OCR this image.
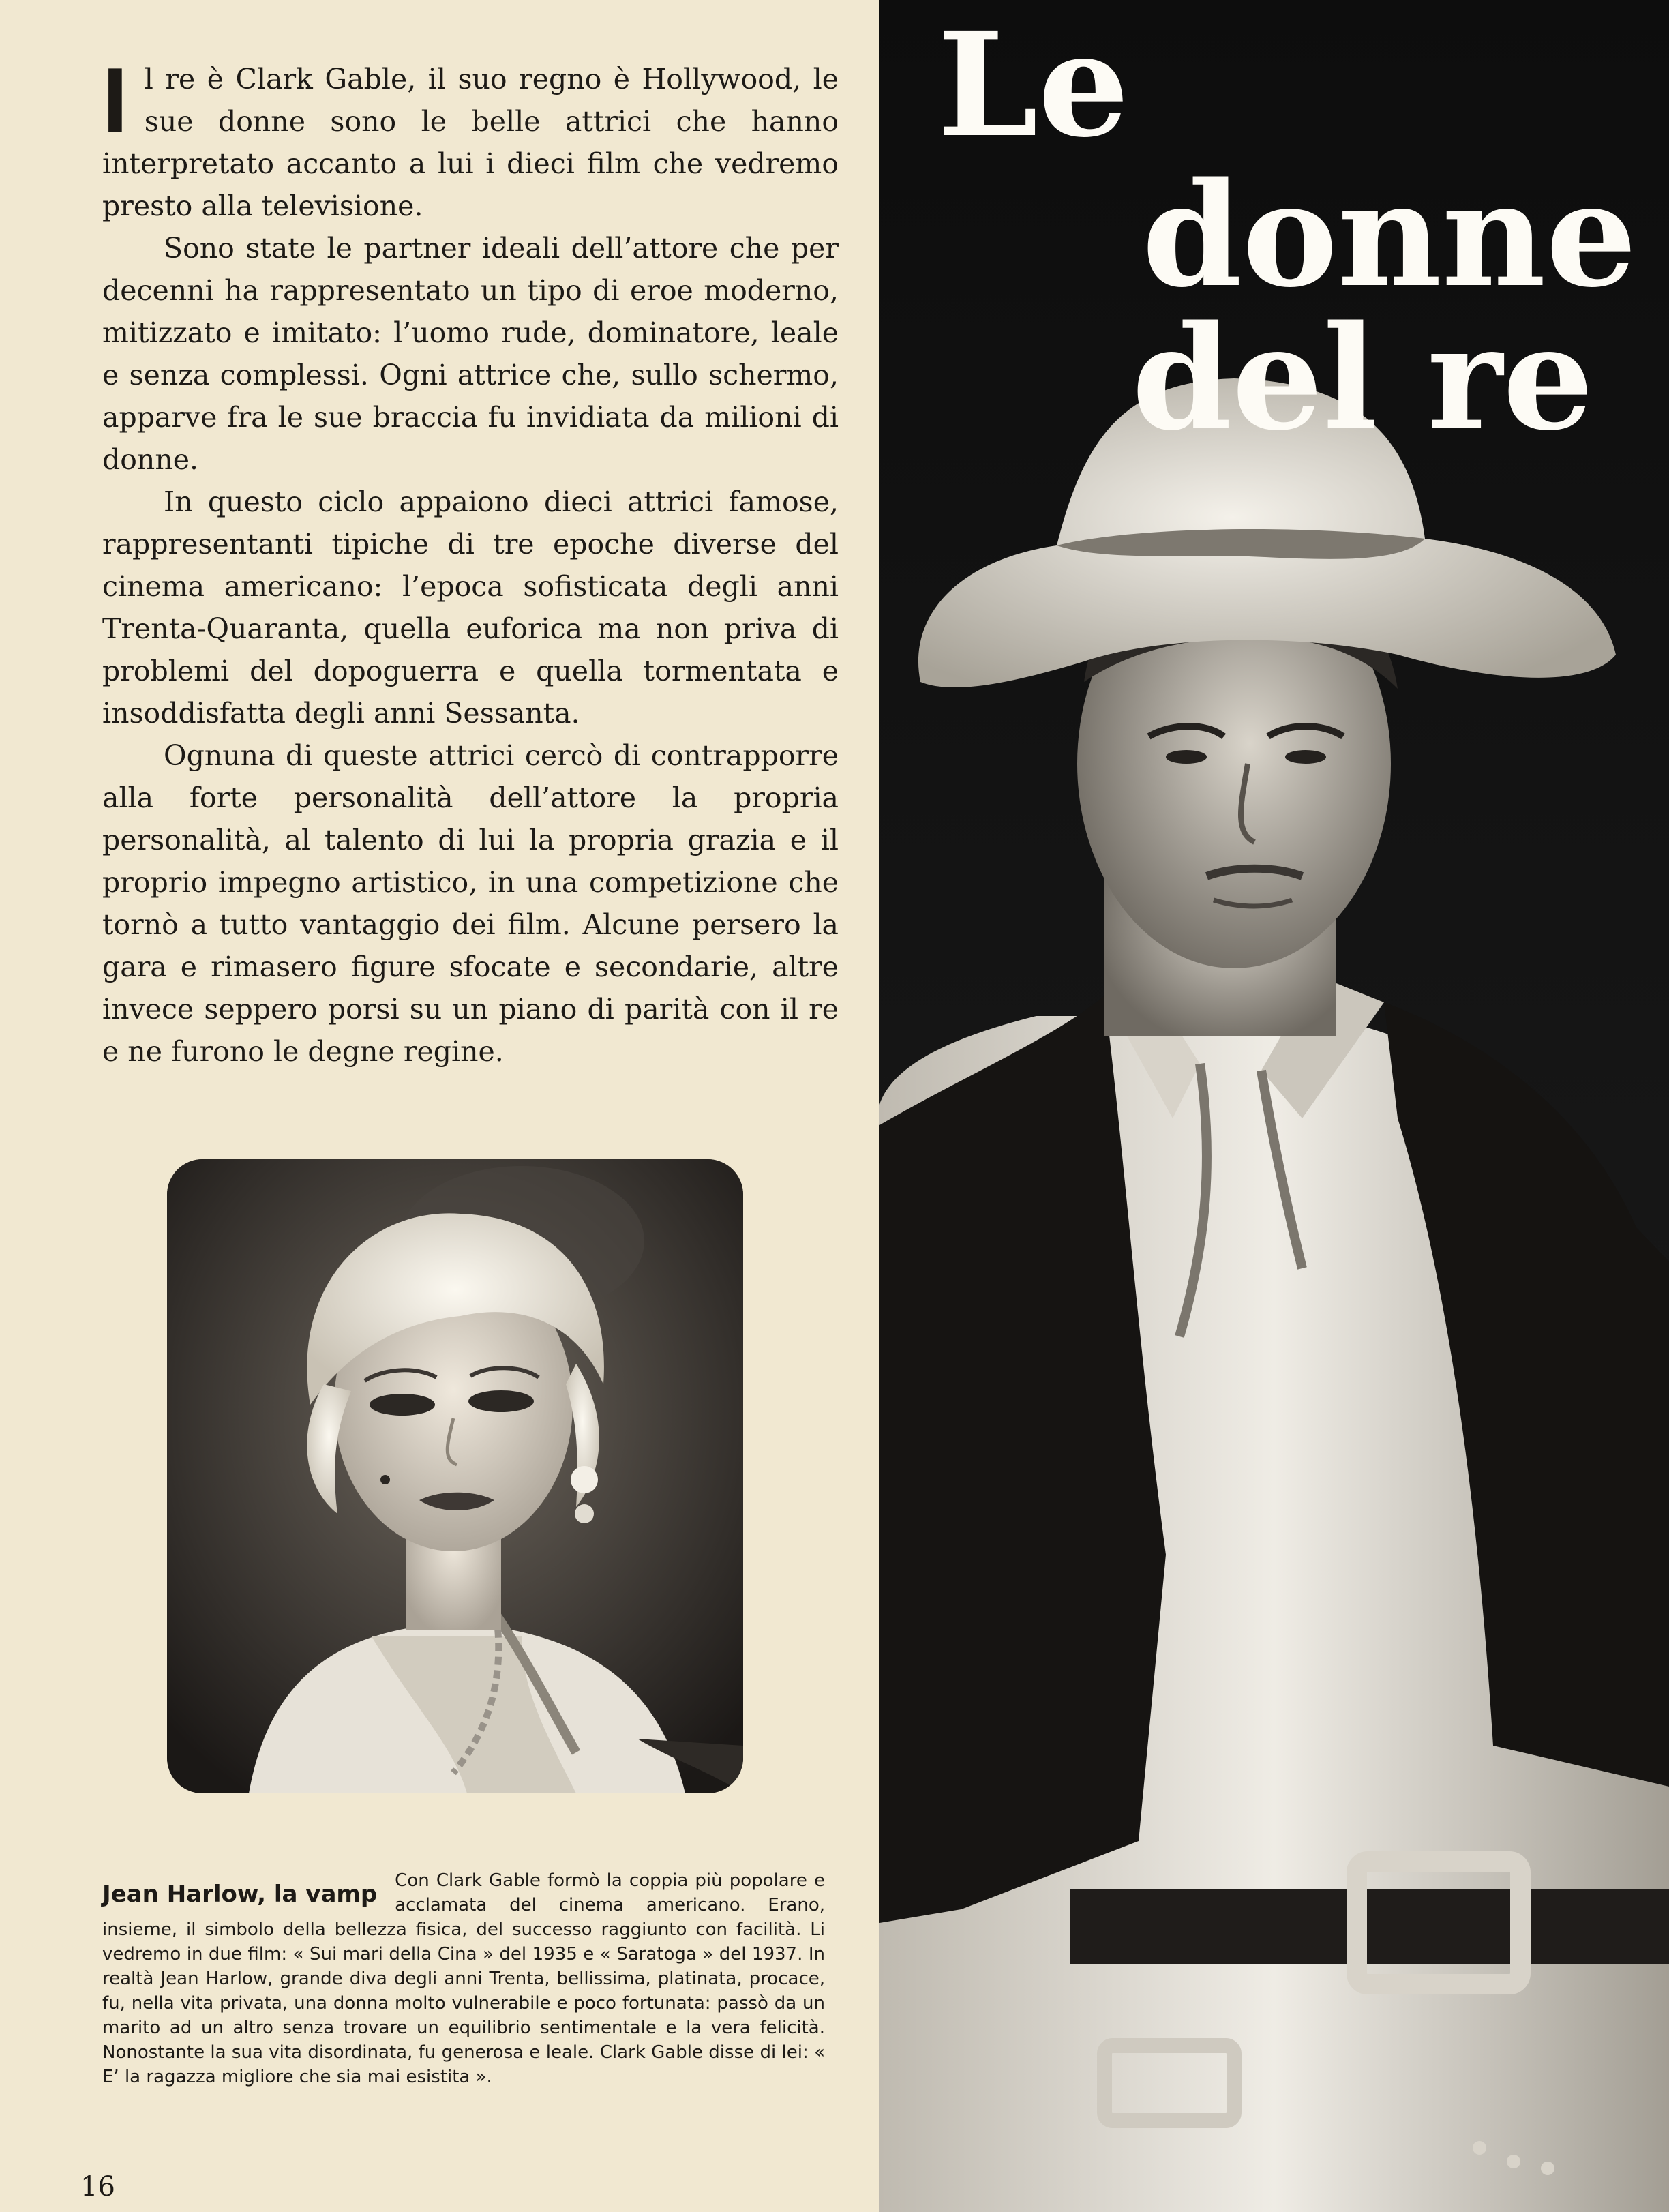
Il re è Clark Gable, il suo regno è Hollywood, le sue donne sono le belle attrici che hanno interpretato accanto a lui i dieci film che vedremo presto alla televisione.

Sono state le partner ideali dell’attore che per decenni ha rappresentato un tipo di eroe moderno, mitizzato e imitato: l’uomo rude, dominatore, leale e senza complessi. Ogni attrice che, sullo schermo, apparve fra le sue braccia fu invidiata da milioni di donne.

In questo ciclo appaiono dieci attrici famose, rappresentanti tipiche di tre epoche diverse del cinema americano: l’epoca sofisticata degli anni Trenta-Quaranta, quella euforica ma non priva di problemi del dopoguerra e quella tormentata e insoddisfatta degli anni Sessanta.

Ognuna di queste attrici cercò di contrapporre alla forte personalità dell’attore la propria personalità, al talento di lui la propria grazia e il proprio impegno artistico, in una competizione che tornò a tutto vantaggio dei film. Alcune persero la gara e rimasero figure sfocate e secondarie, altre invece seppero porsi su un piano di parità con il re e ne furono le degne regine.

Jean Harlow, la vamp Con Clark Gable formò la coppia più popolare e acclamata del cinema americano. Erano, insieme, il simbolo della bellezza fisica, del successo raggiunto con facilità. Li vedremo in due film: « Sui mari della Cina » del 1935 e « Saratoga » del 1937. In realtà Jean Harlow, grande diva degli anni Trenta, bellissima, platinata, procace, fu, nella vita privata, una donna molto vulnerabile e poco fortunata: passò da un marito ad un altro senza trovare un equilibrio sentimentale e la vera felicità. Nonostante la sua vita disordinata, fu generosa e leale. Clark Gable disse di lei: « E’ la ragazza migliore che sia mai esistita ».
16
Le
donne
del re
